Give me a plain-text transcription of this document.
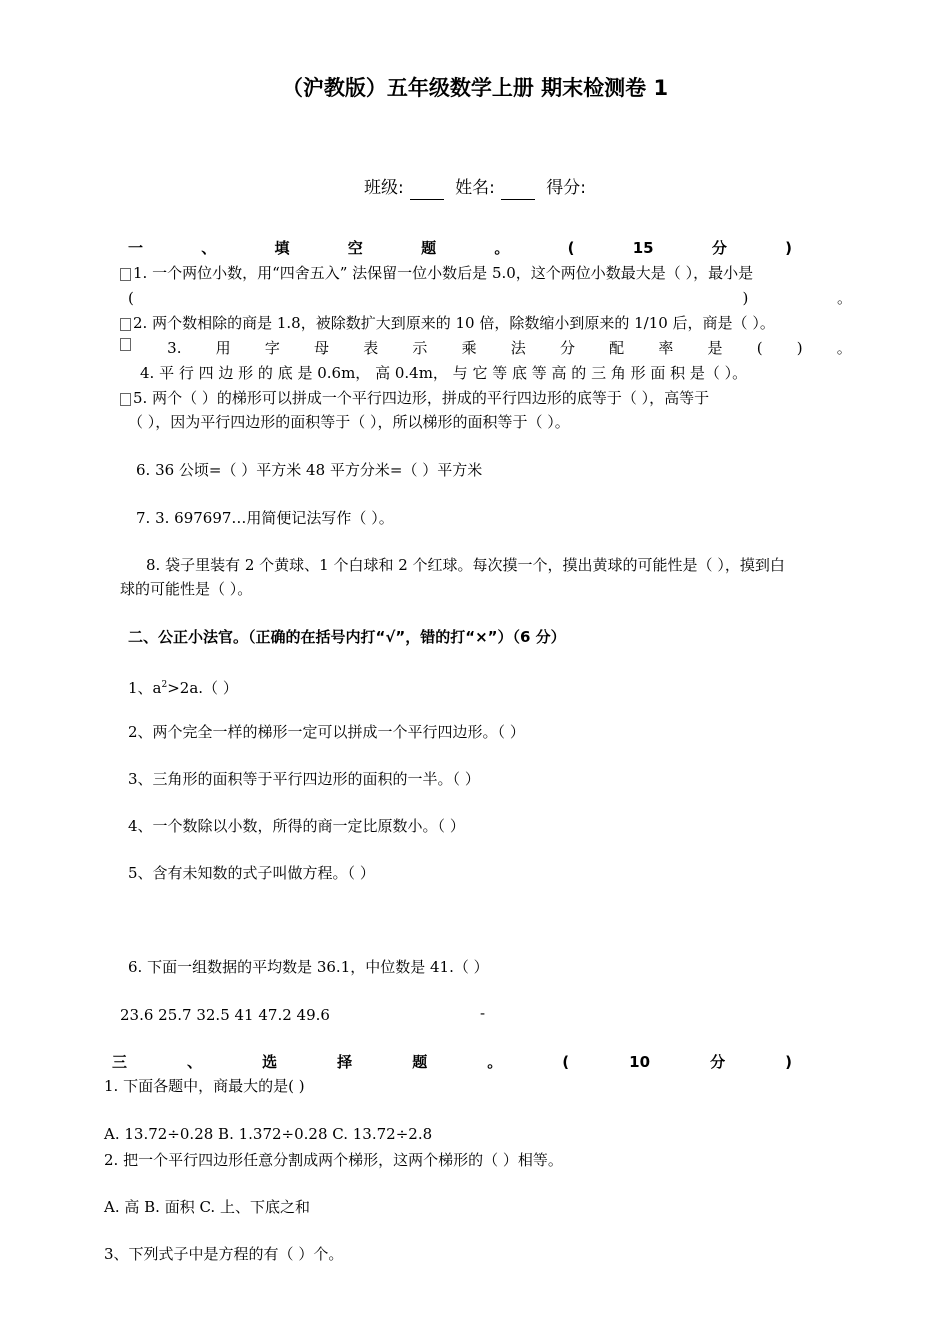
（沪教版）五年级数学上册 期末检测卷 1
班级:	姓名:	得分:
一	、	填	空	题	。	(	15	分	)
1. 一个两位小数，用“四舍五入” 法保留一位小数后是 5.0，这个两位小数最大是（ ），最小是
(	)	。
2. 两个数相除的商是 1.8，被除数扩大到原来的 10 倍，除数缩小到原来的 1/10 后，商是（ ）。
3. 用 字 母 表 示 乘 法 分 配 率 是 ( ) 。
4. 平 行 四 边 形 的 底 是 0.6m， 高 0.4m， 与 它 等 底 等 高 的 三 角 形 面 积 是（ ）。
5. 两个（ ）的梯形可以拼成一个平行四边形，拼成的平行四边形的底等于（ ），高等于
（ ），因为平行四边形的面积等于（ ），所以梯形的面积等于（ ）。
6. 36 公顷=（ ）平方米 48 平方分米=（ ）平方米
7. 3. 697697…用简便记法写作（ ）。
8. 袋子里装有 2 个黄球、1 个白球和 2 个红球。每次摸一个，摸出黄球的可能性是（ ），摸到白
球的可能性是（ ）。
二、公正小法官。（正确的在括号内打“√”，错的打“×”）（6 分）
1、$a^2>2a$.（ ）
2、两个完全一样的梯形一定可以拼成一个平行四边形。（ ）
3、三角形的面积等于平行四边形的面积的一半。（ ）
4、一个数除以小数，所得的商一定比原数小。（ ）
5、含有未知数的式子叫做方程。（ ）
6. 下面一组数据的平均数是 36.1，中位数是 41.（ ）
23.6 25.7 32.5 41 47.2 49.6	-
三	、	选	择	题	。	(	10	分	)
1. 下面各题中，商最大的是( )
A. 13.72÷0.28 B. 1.372÷0.28 C. 13.72÷2.8
2. 把一个平行四边形任意分割成两个梯形，这两个梯形的（ ）相等。
A. 高 B. 面积 C. 上、下底之和
3、下列式子中是方程的有（ ）个。
